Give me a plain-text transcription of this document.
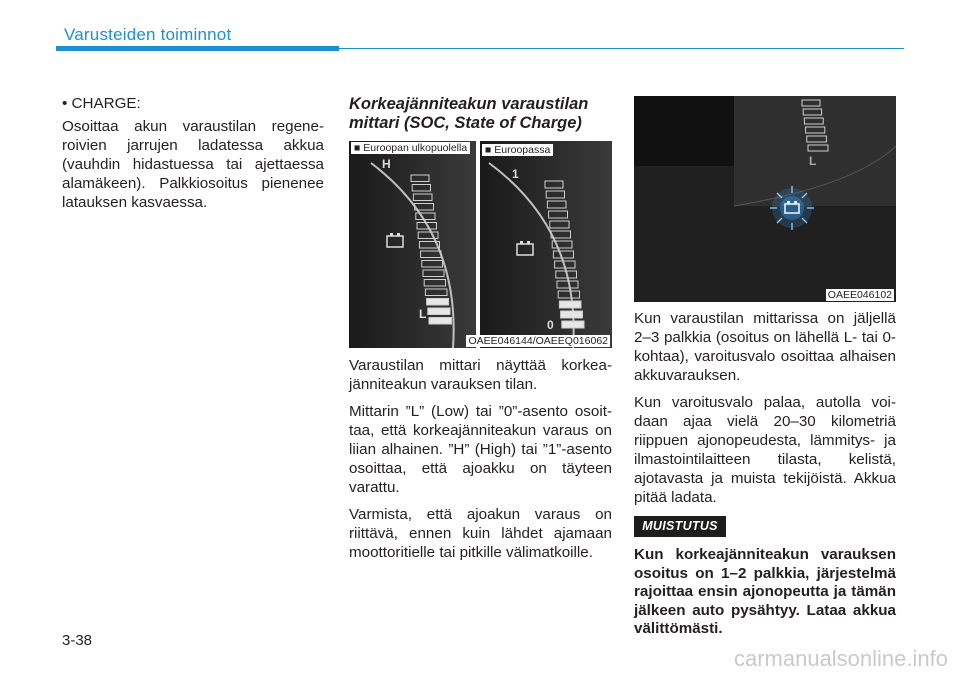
Varusteiden toiminnot

• CHARGE:

Osoittaa akun varaustilan regeneroivien jarrujen ladatessa akkua (vauhdin hidastuessa tai ajettaessa alamäkeen). Palkkiosoitus pienenee latauksen kasvaessa.

Korkeajänniteakun varaustilan mittari (SOC, State of Charge)
■ Euroopan ulkopuolella ■ Euroopassa
H
L
1
0
OAEE046144/OAEEQ016062

Varaustilan mittari näyttää korkeajänniteakun varauksen tilan.

Mittarin ”L” (Low) tai ”0”-asento osoittaa, että korkeajänniteakun varaus on liian alhainen. ”H” (High) tai ”1”-asento osoittaa, että ajoakku on täyteen varattu.

Varmista, että ajoakun varaus on riittävä, ennen kuin lähdet ajamaan moottoritielle tai pitkille välimatkoille.

L
OAEE046102

Kun varaustilan mittarissa on jäljellä 2–3 palkkia (osoitus on lähellä L- tai 0-kohtaa), varoitusvalo osoittaa alhaisen akkuvarauksen.

Kun varoitusvalo palaa, autolla voidaan ajaa vielä 20–30 kilometriä riippuen ajonopeudesta, lämmitys- ja ilmastointilaitteen tilasta, kelistä, ajotavasta ja muista tekijöistä. Akkua pitää ladata.

MUISTUTUS
Kun korkeajänniteakun varauksen osoitus on 1–2 palkkia, järjestelmä rajoittaa ensin ajonopeutta ja tämän jälkeen auto pysähtyy. Lataa akkua välittömästi.
3-38
carmanualsonline.info
